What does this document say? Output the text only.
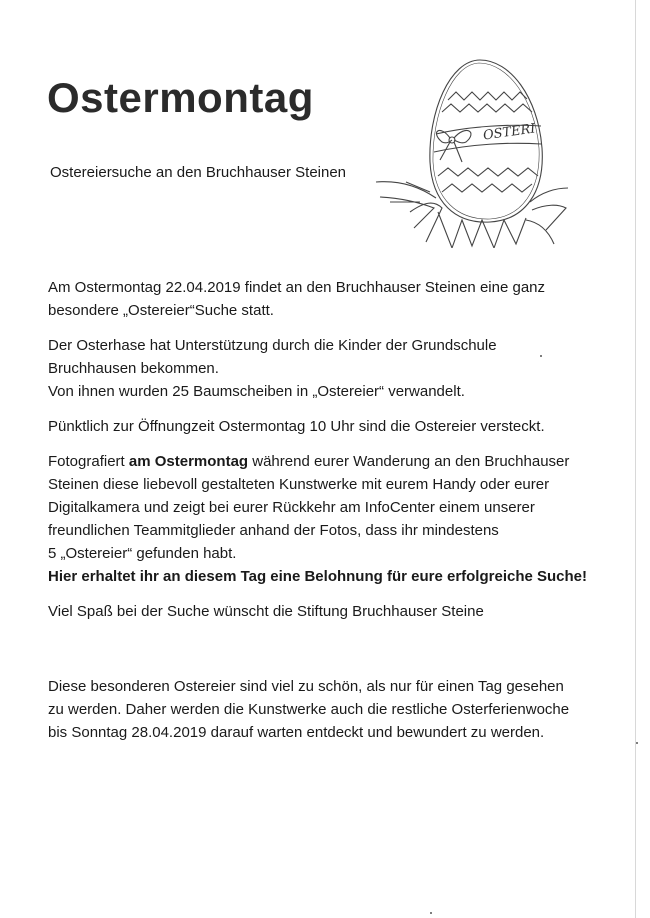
Ostermontag
Ostereiersuche an den Bruchhauser Steinen
OSTERI

Am Ostermontag 22.04.2019 findet an den Bruchhauser Steinen eine ganz
besondere „Ostereier“Suche statt.

Der Osterhase hat Unterstützung durch die Kinder der Grundschule
Bruchhausen bekommen.
Von ihnen wurden 25 Baumscheiben in „Ostereier“ verwandelt.

Pünktlich zur Öffnungzeit Ostermontag 10 Uhr sind die Ostereier versteckt.

Fotografiert am Ostermontag während eurer Wanderung an den Bruchhauser
Steinen diese liebevoll gestalteten Kunstwerke mit eurem Handy oder eurer
Digitalkamera und zeigt bei eurer Rückkehr am InfoCenter einem unserer
freundlichen Teammitglieder anhand der Fotos, dass ihr mindestens
5 „Ostereier“ gefunden habt.
Hier erhaltet ihr an diesem Tag eine Belohnung für eure erfolgreiche Suche!

Viel Spaß bei der Suche wünscht die Stiftung Bruchhauser Steine

Diese besonderen Ostereier sind viel zu schön, als nur für einen Tag gesehen
zu werden. Daher werden die Kunstwerke auch die restliche Osterferienwoche
bis Sonntag 28.04.2019 darauf warten entdeckt und bewundert zu werden.
